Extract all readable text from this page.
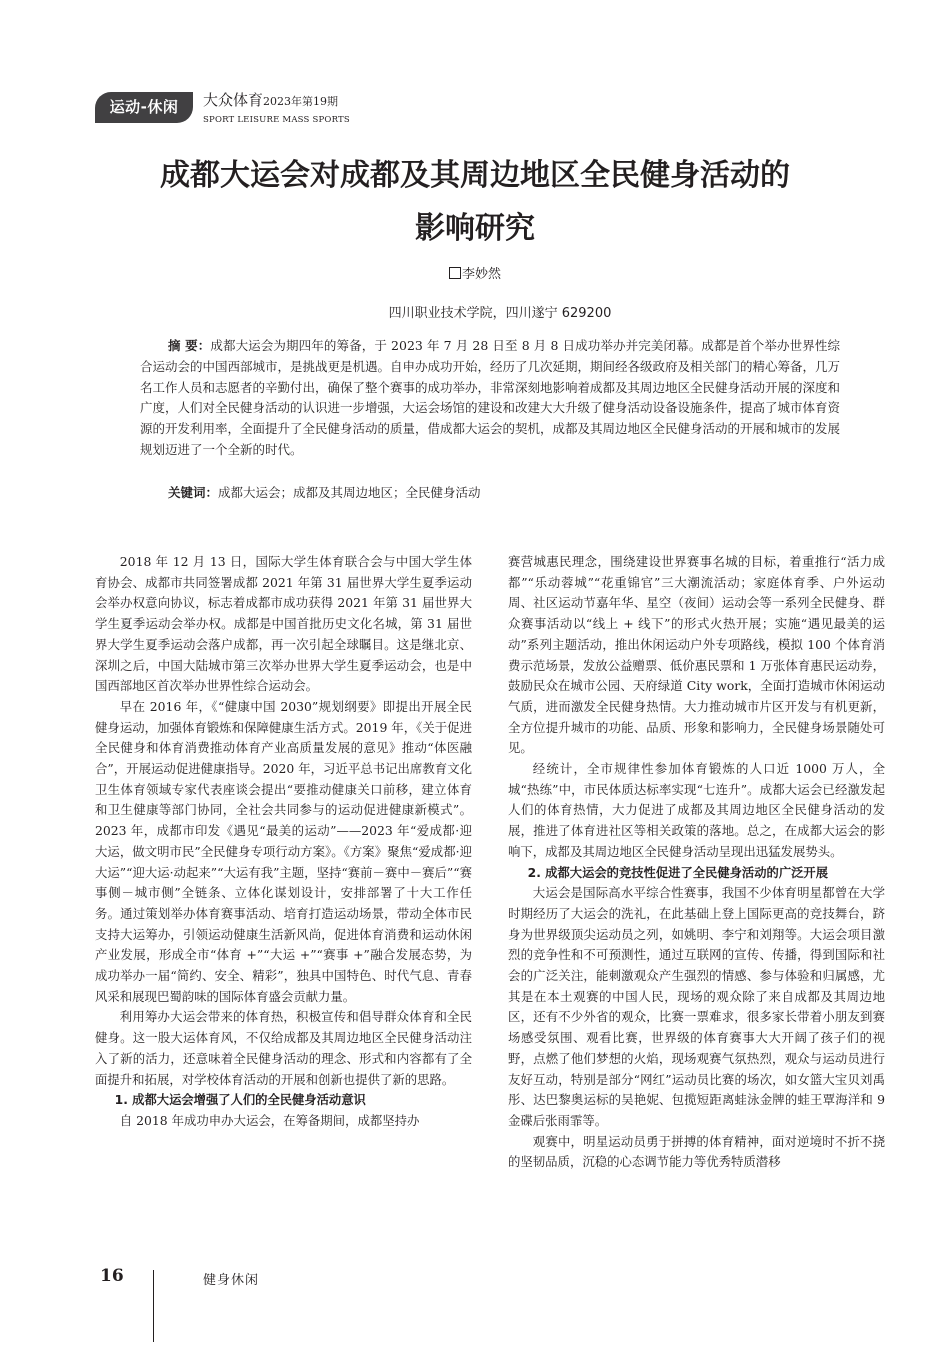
运动-休闲	大众体育2023年第19期
SPORT LEISURE MASS SPORTS
成都大运会对成都及其周边地区全民健身活动的
影响研究
李妙然
四川职业技术学院，四川遂宁 629200
摘 要：成都大运会为期四年的筹备，于 2023 年 7 月 28 日至 8 月 8 日成功举办并完美闭幕。成都是首个举办世界性综合运动会的中国西部城市，是挑战更是机遇。自申办成功开始，经历了几次延期，期间经各级政府及相关部门的精心筹备，几万名工作人员和志愿者的辛勤付出，确保了整个赛事的成功举办，非常深刻地影响着成都及其周边地区全民健身活动开展的深度和广度，人们对全民健身活动的认识进一步增强，大运会场馆的建设和改建大大升级了健身活动设备设施条件，提高了城市体育资源的开发利用率，全面提升了全民健身活动的质量，借成都大运会的契机，成都及其周边地区全民健身活动的开展和城市的发展规划迈进了一个全新的时代。
关键词：成都大运会；成都及其周边地区；全民健身活动

2018 年 12 月 13 日，国际大学生体育联合会与中国大学生体育协会、成都市共同签署成都 2021 年第 31 届世界大学生夏季运动会举办权意向协议，标志着成都市成功获得 2021 年第 31 届世界大学生夏季运动会举办权。成都是中国首批历史文化名城，第 31 届世界大学生夏季运动会落户成都，再一次引起全球瞩目。这是继北京、深圳之后，中国大陆城市第三次举办世界大学生夏季运动会，也是中国西部地区首次举办世界性综合运动会。

早在 2016 年，《“健康中国 2030”规划纲要》即提出开展全民健身运动，加强体育锻炼和保障健康生活方式。2019 年，《关于促进全民健身和体育消费推动体育产业高质量发展的意见》推动“体医融合”，开展运动促进健康指导。2020 年，习近平总书记出席教育文化卫生体育领域专家代表座谈会提出“要推动健康关口前移，建立体育和卫生健康等部门协同，全社会共同参与的运动促进健康新模式”。2023 年，成都市印发《遇见“最美的运动”——2023 年“爱成都·迎大运，做文明市民”全民健身专项行动方案》。《方案》聚焦“爱成都·迎大运”“迎大运·动起来”“大运有我”主题，坚持“赛前－赛中－赛后”“赛事侧－城市侧”全链条、立体化谋划设计，安排部署了十大工作任务。通过策划举办体育赛事活动、培育打造运动场景，带动全体市民支持大运筹办，引领运动健康生活新风尚，促进体育消费和运动休闲产业发展，形成全市“体育 +”“大运 +”“赛事 +”融合发展态势，为成功举办一届“简约、安全、精彩”，独具中国特色、时代气息、青春风采和展现巴蜀韵味的国际体育盛会贡献力量。

利用筹办大运会带来的体育热，积极宣传和倡导群众体育和全民健身。这一股大运体育风，不仅给成都及其周边地区全民健身活动注入了新的活力，还意味着全民健身活动的理念、形式和内容都有了全面提升和拓展，对学校体育活动的开展和创新也提供了新的思路。

1. 成都大运会增强了人们的全民健身活动意识

自 2018 年成功申办大运会，在筹备期间，成都坚持办

赛营城惠民理念，围绕建设世界赛事名城的目标，着重推行“活力成都”“乐动蓉城”“花重锦官”三大潮流活动；家庭体育季、户外运动周、社区运动节嘉年华、星空（夜间）运动会等一系列全民健身、群众赛事活动以“线上 + 线下”的形式火热开展；实施“遇见最美的运动”系列主题活动，推出休闲运动户外专项路线，模拟 100 个体育消费示范场景，发放公益赠票、低价惠民票和 1 万张体育惠民运动券，鼓励民众在城市公园、天府绿道 City work，全面打造城市休闲运动气质，进而激发全民健身热情。大力推动城市片区开发与有机更新，全方位提升城市的功能、品质、形象和影响力，全民健身场景随处可见。

经统计，全市规律性参加体育锻炼的人口近 1000 万人，全城“热练”中，市民体质达标率实现“七连升”。成都大运会已经激发起人们的体育热情，大力促进了成都及其周边地区全民健身活动的发展，推进了体育进社区等相关政策的落地。总之，在成都大运会的影响下，成都及其周边地区全民健身活动呈现出迅猛发展势头。

2. 成都大运会的竞技性促进了全民健身活动的广泛开展

大运会是国际高水平综合性赛事，我国不少体育明星都曾在大学时期经历了大运会的洗礼，在此基础上登上国际更高的竞技舞台，跻身为世界级顶尖运动员之列，如姚明、李宁和刘翔等。大运会项目激烈的竞争性和不可预测性，通过互联网的宣传、传播，得到国际和社会的广泛关注，能刺激观众产生强烈的情感、参与体验和归属感，尤其是在本土观赛的中国人民，现场的观众除了来自成都及其周边地区，还有不少外省的观众，比赛一票难求，很多家长带着小朋友到赛场感受氛围、观看比赛，世界级的体育赛事大大开阔了孩子们的视野，点燃了他们梦想的火焰，现场观赛气氛热烈，观众与运动员进行友好互动，特别是部分“网红”运动员比赛的场次，如女篮大宝贝刘禹彤、达巴黎奥运标的吴艳妮、包揽短距离蛙泳金牌的蛙王覃海洋和 9 金碟后张雨霏等。

观赛中，明星运动员勇于拼搏的体育精神，面对逆境时不折不挠的坚韧品质，沉稳的心态调节能力等优秀特质潜移

16	健身休闲
